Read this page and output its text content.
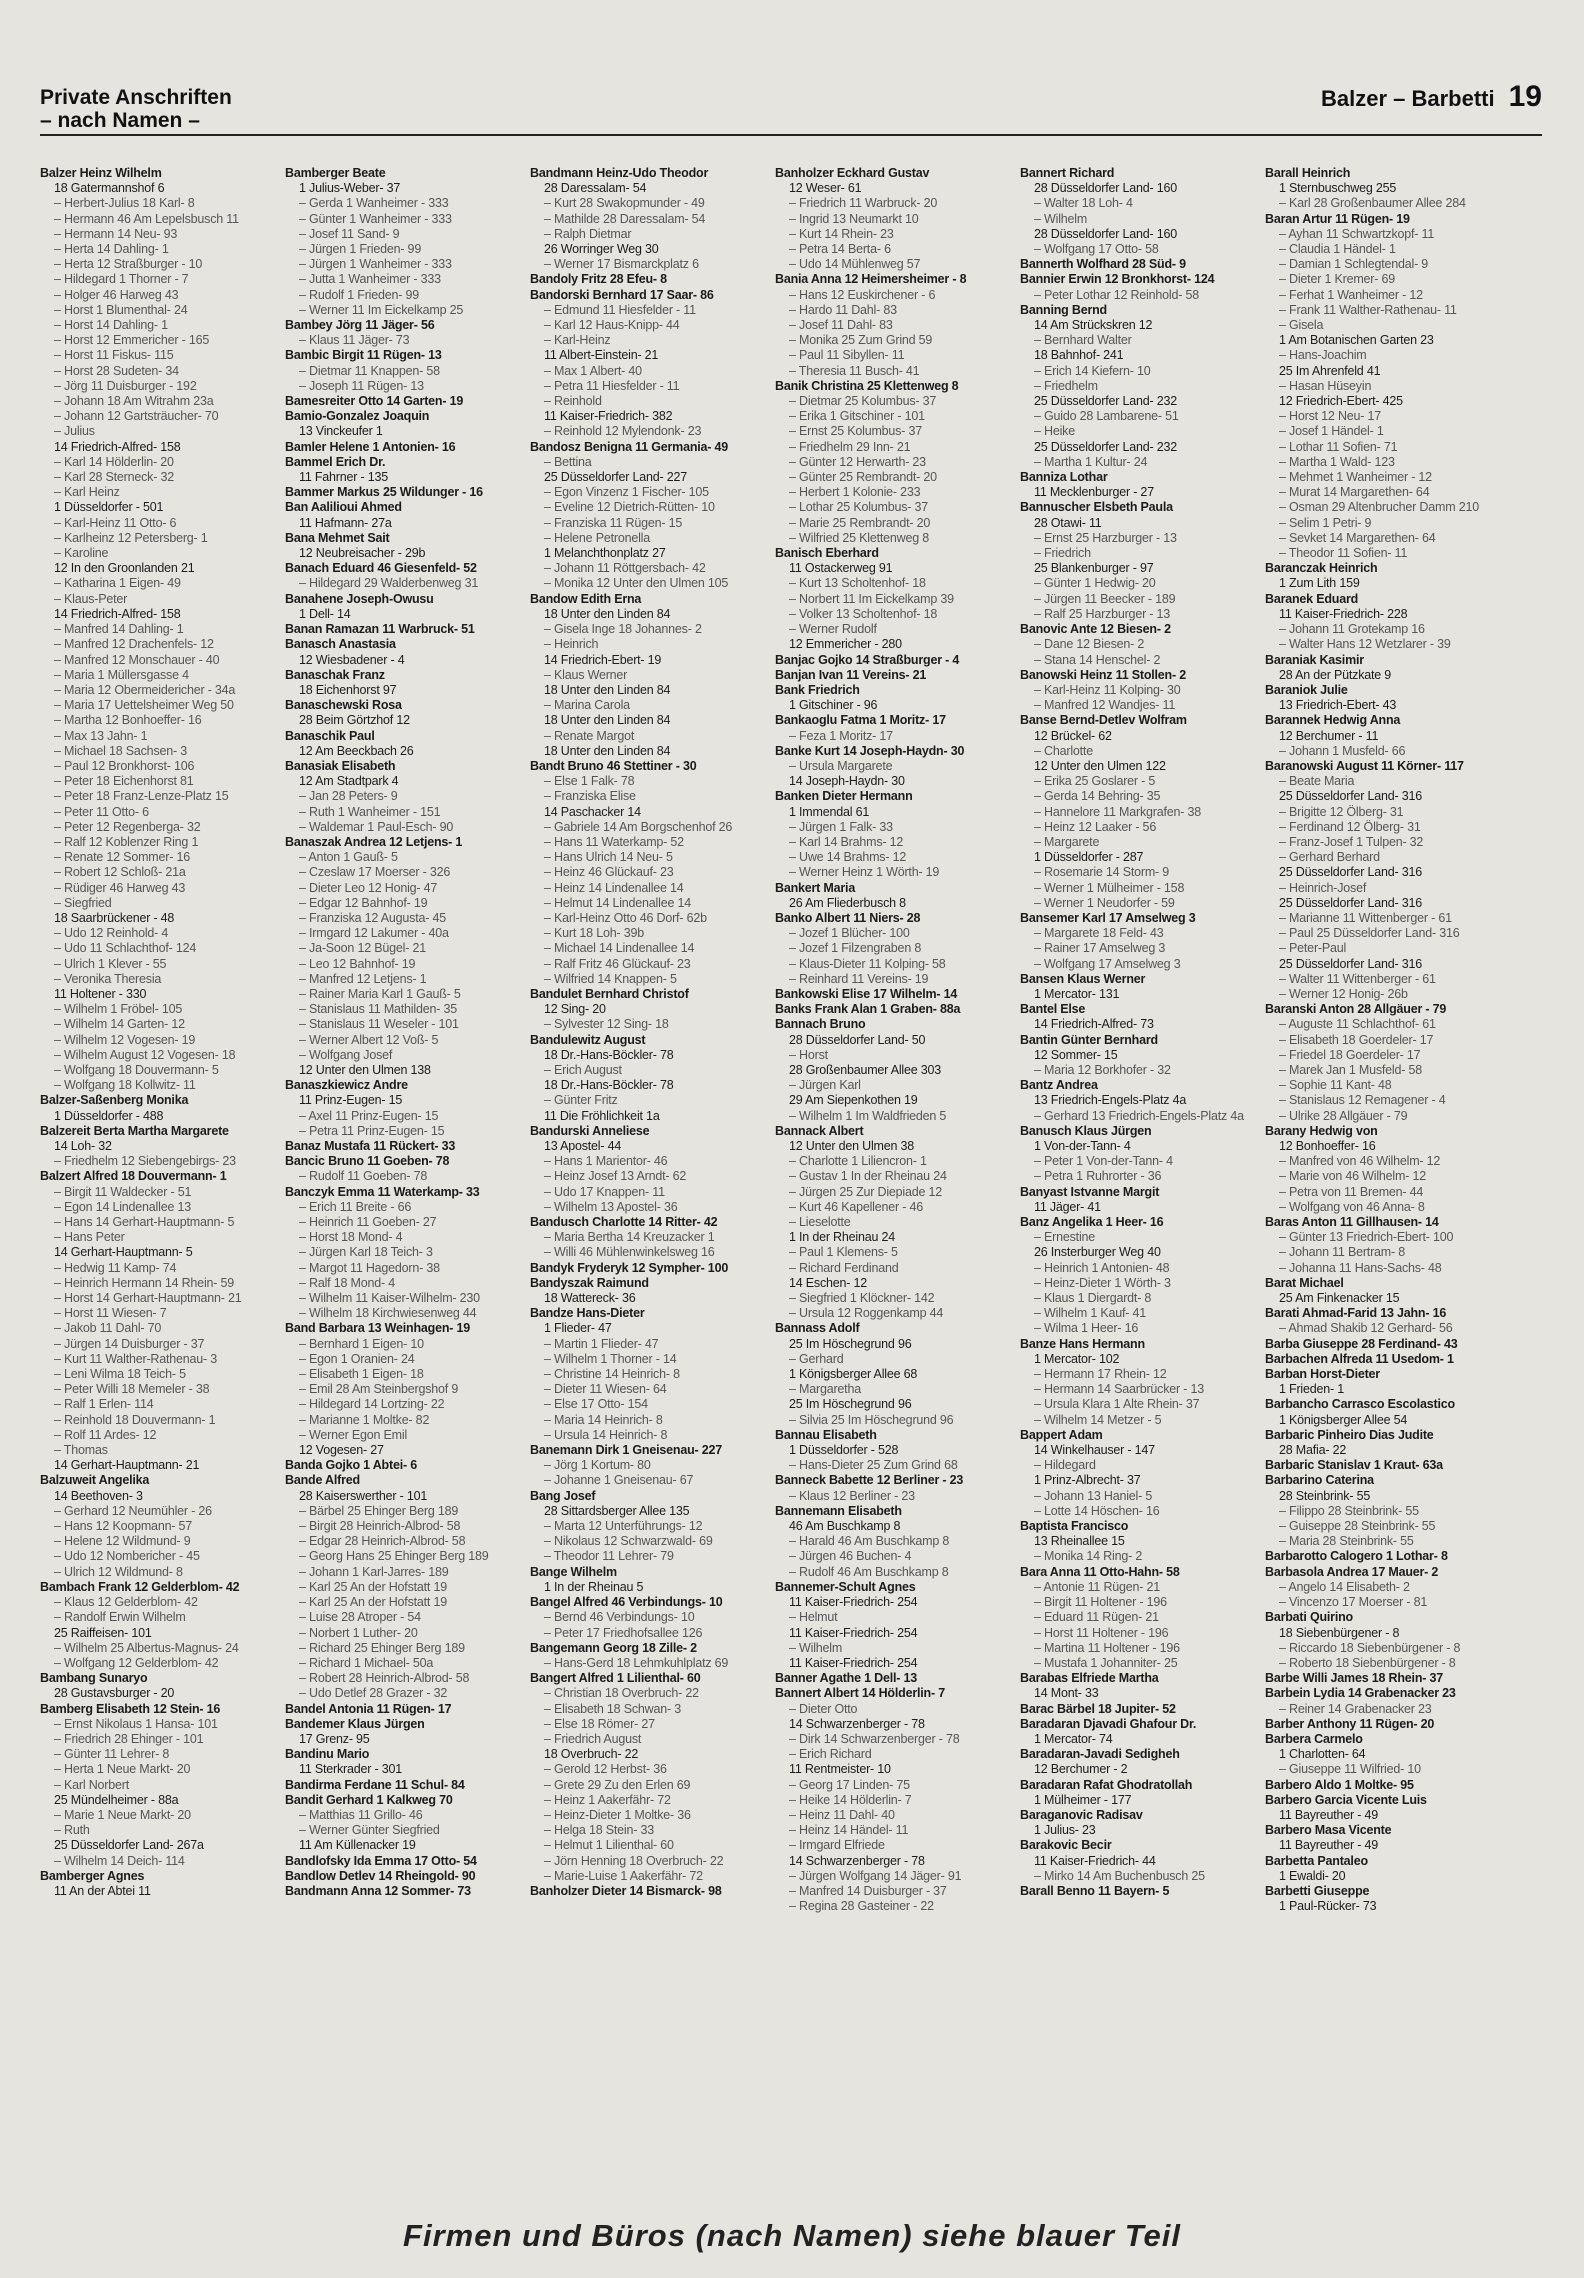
Private Anschriften
– nach Namen –
Balzer – Barbetti 19
Balzer Heinz Wilhelm
18 Gatermannshof 6
– Herbert-Julius 18 Karl- 8
– Hermann 46 Am Lepelsbusch 11
– Hermann 14 Neu- 93
– Herta 14 Dahling- 1
– Herta 12 Straßburger - 10
– Hildegard 1 Thorner - 7
– Holger 46 Harweg 43
– Horst 1 Blumenthal- 24
– Horst 14 Dahling- 1
– Horst 12 Emmericher - 165
– Horst 11 Fiskus- 115
– Horst 28 Sudeten- 34
– Jörg 11 Duisburger - 192
– Johann 18 Am Witrahm 23a
– Johann 12 Gartsträucher- 70
– Julius
14 Friedrich-Alfred- 158
– Karl 14 Hölderlin- 20
– Karl 28 Sterneck- 32
– Karl Heinz
1 Düsseldorfer - 501
– Karl-Heinz 11 Otto- 6
– Karlheinz 12 Petersberg- 1
– Karoline
12 In den Groonlanden 21
– Katharina 1 Eigen- 49
– Klaus-Peter
14 Friedrich-Alfred- 158
– Manfred 14 Dahling- 1
– Manfred 12 Drachenfels- 12
– Manfred 12 Monschauer - 40
– Maria 1 Müllersgasse 4
– Maria 12 Obermeidericher - 34a
– Maria 17 Uettelsheimer Weg 50
– Martha 12 Bonhoeffer- 16
– Max 13 Jahn- 1
– Michael 18 Sachsen- 3
– Paul 12 Bronkhorst- 106
– Peter 18 Eichenhorst 81
– Peter 18 Franz-Lenze-Platz 15
– Peter 11 Otto- 6
– Peter 12 Regenberga- 32
– Ralf 12 Koblenzer Ring 1
– Renate 12 Sommer- 16
– Robert 12 Schloß- 21a
– Rüdiger 46 Harweg 43
– Siegfried
18 Saarbrückener - 48
– Udo 12 Reinhold- 4
– Udo 11 Schlachthof- 124
– Ulrich 1 Klever - 55
– Veronika Theresia
11 Holtener - 330
– Wilhelm 1 Fröbel- 105
– Wilhelm 14 Garten- 12
– Wilhelm 12 Vogesen- 19
– Wilhelm August 12 Vogesen- 18
– Wolfgang 18 Douvermann- 5
– Wolfgang 18 Kollwitz- 11
Balzer-Saßenberg Monika
1 Düsseldorfer - 488
Balzereit Berta Martha Margarete
14 Loh- 32
– Friedhelm 12 Siebengebirgs- 23
Balzert Alfred 18 Douvermann- 1
– Birgit 11 Waldecker - 51
– Egon 14 Lindenallee 13
– Hans 14 Gerhart-Hauptmann- 5
– Hans Peter
14 Gerhart-Hauptmann- 5
– Hedwig 11 Kamp- 74
– Heinrich Hermann 14 Rhein- 59
– Horst 14 Gerhart-Hauptmann- 21
– Horst 11 Wiesen- 7
– Jakob 11 Dahl- 70
– Jürgen 14 Duisburger - 37
– Kurt 11 Walther-Rathenau- 3
– Leni Wilma 18 Teich- 5
– Peter Willi 18 Memeler - 38
– Ralf 1 Erlen- 114
– Reinhold 18 Douvermann- 1
– Rolf 11 Ardes- 12
– Thomas
14 Gerhart-Hauptmann- 21
Balzuweit Angelika
14 Beethoven- 3
– Gerhard 12 Neumühler - 26
– Hans 12 Koopmann- 57
– Helene 12 Wildmund- 9
– Udo 12 Nombericher - 45
– Ulrich 12 Wildmund- 8
Bambach Frank 12 Gelderblom- 42
– Klaus 12 Gelderblom- 42
– Randolf Erwin Wilhelm
25 Raiffeisen- 101
– Wilhelm 25 Albertus-Magnus- 24
– Wolfgang 12 Gelderblom- 42
Bambang Sunaryo
28 Gustavsburger - 20
Bamberg Elisabeth 12 Stein- 16
– Ernst Nikolaus 1 Hansa- 101
– Friedrich 28 Ehinger - 101
– Günter 11 Lehrer- 8
– Herta 1 Neue Markt- 20
– Karl Norbert
25 Mündelheimer - 88a
– Marie 1 Neue Markt- 20
– Ruth
25 Düsseldorfer Land- 267a
– Wilhelm 14 Deich- 114
Bamberger Agnes
11 An der Abtei 11
Bamberger Beate
1 Julius-Weber- 37
– Gerda 1 Wanheimer - 333
– Günter 1 Wanheimer - 333
– Josef 11 Sand- 9
– Jürgen 1 Frieden- 99
– Jürgen 1 Wanheimer - 333
– Jutta 1 Wanheimer - 333
– Rudolf 1 Frieden- 99
– Werner 11 Im Eickelkamp 25
Bambey Jörg 11 Jäger- 56
– Klaus 11 Jäger- 73
Bambic Birgit 11 Rügen- 13
– Dietmar 11 Knappen- 58
– Joseph 11 Rügen- 13
Bamesreiter Otto 14 Garten- 19
Bamio-Gonzalez Joaquin
13 Vinckeufer 1
Bamler Helene 1 Antonien- 16
Bammel Erich Dr.
11 Fahrner - 135
Bammer Markus 25 Wildunger - 16
Ban Aalilioui Ahmed
11 Hafmann- 27a
Bana Mehmet Sait
12 Neubreisacher - 29b
Banach Eduard 46 Giesenfeld- 52
– Hildegard 29 Walderbenweg 31
Banahene Joseph-Owusu
1 Dell- 14
Banan Ramazan 11 Warbruck- 51
Banasch Anastasia
12 Wiesbadener - 4
Banaschak Franz
18 Eichenhorst 97
Banaschewski Rosa
28 Beim Görtzhof 12
Banaschik Paul
12 Am Beeckbach 26
Banasiak Elisabeth
12 Am Stadtpark 4
– Jan 28 Peters- 9
– Ruth 1 Wanheimer - 151
– Waldemar 1 Paul-Esch- 90
Banaszak Andrea 12 Letjens- 1
– Anton 1 Gauß- 5
– Czeslaw 17 Moerser - 326
– Dieter Leo 12 Honig- 47
– Edgar 12 Bahnhof- 19
– Franziska 12 Augusta- 45
– Irmgard 12 Lakumer - 40a
– Ja-Soon 12 Bügel- 21
– Leo 12 Bahnhof- 19
– Manfred 12 Letjens- 1
– Rainer Maria Karl 1 Gauß- 5
– Stanislaus 11 Mathilden- 35
– Stanislaus 11 Weseler - 101
– Werner Albert 12 Voß- 5
– Wolfgang Josef
12 Unter den Ulmen 138
Banaszkiewicz Andre
11 Prinz-Eugen- 15
– Axel 11 Prinz-Eugen- 15
– Petra 11 Prinz-Eugen- 15
Banaz Mustafa 11 Rückert- 33
Bancic Bruno 11 Goeben- 78
– Rudolf 11 Goeben- 78
Banczyk Emma 11 Waterkamp- 33
– Erich 11 Breite - 66
– Heinrich 11 Goeben- 27
– Horst 18 Mond- 4
– Jürgen Karl 18 Teich- 3
– Margot 11 Hagedorn- 38
– Ralf 18 Mond- 4
– Wilhelm 11 Kaiser-Wilhelm- 230
– Wilhelm 18 Kirchwiesenweg 44
Band Barbara 13 Weinhagen- 19
– Bernhard 1 Eigen- 10
– Egon 1 Oranien- 24
– Elisabeth 1 Eigen- 18
– Emil 28 Am Steinbergshof 9
– Hildegard 14 Lortzing- 22
– Marianne 1 Moltke- 82
– Werner Egon Emil
12 Vogesen- 27
Banda Gojko 1 Abtei- 6
Bande Alfred
28 Kaiserswerther - 101
– Bärbel 25 Ehinger Berg 189
– Birgit 28 Heinrich-Albrod- 58
– Edgar 28 Heinrich-Albrod- 58
– Georg Hans 25 Ehinger Berg 189
– Johann 1 Karl-Jarres- 189
– Karl 25 An der Hofstatt 19
– Karl 25 An der Hofstatt 19
– Luise 28 Atroper - 54
– Norbert 1 Luther- 20
– Richard 25 Ehinger Berg 189
– Richard 1 Michael- 50a
– Robert 28 Heinrich-Albrod- 58
– Udo Detlef 28 Grazer - 32
Bandel Antonia 11 Rügen- 17
Bandemer Klaus Jürgen
17 Grenz- 95
Bandinu Mario
11 Sterkrader - 301
Bandirma Ferdane 11 Schul- 84
Bandit Gerhard 1 Kalkweg 70
– Matthias 11 Grillo- 46
– Werner Günter Siegfried
11 Am Küllenacker 19
Bandlofsky Ida Emma 17 Otto- 54
Bandlow Detlev 14 Rheingold- 90
Bandmann Anna 12 Sommer- 73
Bandmann Heinz-Udo Theodor
28 Daressalam- 54
– Kurt 28 Swakopmunder - 49
– Mathilde 28 Daressalam- 54
– Ralph Dietmar
26 Worringer Weg 30
– Werner 17 Bismarckplatz 6
Bandoly Fritz 28 Efeu- 8
Bandorski Bernhard 17 Saar- 86
– Edmund 11 Hiesfelder - 11
– Karl 12 Haus-Knipp- 44
– Karl-Heinz
11 Albert-Einstein- 21
– Max 1 Albert- 40
– Petra 11 Hiesfelder - 11
– Reinhold
11 Kaiser-Friedrich- 382
– Reinhold 12 Mylendonk- 23
Bandosz Benigna 11 Germania- 49
– Bettina
25 Düsseldorfer Land- 227
– Egon Vinzenz 1 Fischer- 105
– Eveline 12 Dietrich-Rütten- 10
– Franziska 11 Rügen- 15
– Helene Petronella
1 Melanchthonplatz 27
– Johann 11 Röttgersbach- 42
– Monika 12 Unter den Ulmen 105
Bandow Edith Erna
18 Unter den Linden 84
– Gisela Inge 18 Johannes- 2
– Heinrich
14 Friedrich-Ebert- 19
– Klaus Werner
18 Unter den Linden 84
– Marina Carola
18 Unter den Linden 84
– Renate Margot
18 Unter den Linden 84
Bandt Bruno 46 Stettiner - 30
– Else 1 Falk- 78
– Franziska Elise
14 Paschacker 14
– Gabriele 14 Am Borgschenhof 26
– Hans 11 Waterkamp- 52
– Hans Ulrich 14 Neu- 5
– Heinz 46 Glückauf- 23
– Heinz 14 Lindenallee 14
– Helmut 14 Lindenallee 14
– Karl-Heinz Otto 46 Dorf- 62b
– Kurt 18 Loh- 39b
– Michael 14 Lindenallee 14
– Ralf Fritz 46 Glückauf- 23
– Wilfried 14 Knappen- 5
Bandulet Bernhard Christof
12 Sing- 20
– Sylvester 12 Sing- 18
Bandulewitz August
18 Dr.-Hans-Böckler- 78
– Erich August
18 Dr.-Hans-Böckler- 78
– Günter Fritz
11 Die Fröhlichkeit 1a
Bandurski Anneliese
13 Apostel- 44
– Hans 1 Marientor- 46
– Heinz Josef 13 Arndt- 62
– Udo 17 Knappen- 11
– Wilhelm 13 Apostel- 36
Bandusch Charlotte 14 Ritter- 42
– Maria Bertha 14 Kreuzacker 1
– Willi 46 Mühlenwinkelsweg 16
Bandyk Fryderyk 12 Sympher- 100
Bandyszak Raimund
18 Wattereck- 36
Bandze Hans-Dieter
1 Flieder- 47
– Martin 1 Flieder- 47
– Wilhelm 1 Thorner - 14
– Christine 14 Heinrich- 8
– Dieter 11 Wiesen- 64
– Else 17 Otto- 154
– Maria 14 Heinrich- 8
– Ursula 14 Heinrich- 8
Banemann Dirk 1 Gneisenau- 227
– Jörg 1 Kortum- 80
– Johanne 1 Gneisenau- 67
Bang Josef
28 Sittardsberger Allee 135
– Marta 12 Unterführungs- 12
– Nikolaus 12 Schwarzwald- 69
– Theodor 11 Lehrer- 79
Bange Wilhelm
1 In der Rheinau 5
Bangel Alfred 46 Verbindungs- 10
– Bernd 46 Verbindungs- 10
– Peter 17 Friedhofsallee 126
Bangemann Georg 18 Zille- 2
– Hans-Gerd 18 Lehmkuhlplatz 69
Bangert Alfred 1 Lilienthal- 60
– Christian 18 Overbruch- 22
– Elisabeth 18 Schwan- 3
– Else 18 Römer- 27
– Friedrich August
18 Overbruch- 22
– Gerold 12 Herbst- 36
– Grete 29 Zu den Erlen 69
– Heinz 1 Aakerfähr- 72
– Heinz-Dieter 1 Moltke- 36
– Helga 18 Stein- 33
– Helmut 1 Lilienthal- 60
– Jörn Henning 18 Overbruch- 22
– Marie-Luise 1 Aakerfähr- 72
Banholzer Dieter 14 Bismarck- 98
Banholzer Eckhard Gustav
12 Weser- 61
– Friedrich 11 Warbruck- 20
– Ingrid 13 Neumarkt 10
– Kurt 14 Rhein- 23
– Petra 14 Berta- 6
– Udo 14 Mühlenweg 57
Bania Anna 12 Heimersheimer - 8
– Hans 12 Euskirchener - 6
– Hardo 11 Dahl- 83
– Josef 11 Dahl- 83
– Monika 25 Zum Grind 59
– Paul 11 Sibyllen- 11
– Theresia 11 Busch- 41
Banik Christina 25 Klettenweg 8
– Dietmar 25 Kolumbus- 37
– Erika 1 Gitschiner - 101
– Ernst 25 Kolumbus- 37
– Friedhelm 29 Inn- 21
– Günter 12 Herwarth- 23
– Günter 25 Rembrandt- 20
– Herbert 1 Kolonie- 233
– Lothar 25 Kolumbus- 37
– Marie 25 Rembrandt- 20
– Wilfried 25 Klettenweg 8
Banisch Eberhard
11 Ostackerweg 91
– Kurt 13 Scholtenhof- 18
– Norbert 11 Im Eickelkamp 39
– Volker 13 Scholtenhof- 18
– Werner Rudolf
12 Emmericher - 280
Banjac Gojko 14 Straßburger - 4
Banjan Ivan 11 Vereins- 21
Bank Friedrich
1 Gitschiner - 96
Bankaoglu Fatma 1 Moritz- 17
– Feza 1 Moritz- 17
Banke Kurt 14 Joseph-Haydn- 30
– Ursula Margarete
14 Joseph-Haydn- 30
Banken Dieter Hermann
1 Immendal 61
– Jürgen 1 Falk- 33
– Karl 14 Brahms- 12
– Uwe 14 Brahms- 12
– Werner Heinz 1 Wörth- 19
Bankert Maria
26 Am Fliederbusch 8
Banko Albert 11 Niers- 28
– Jozef 1 Blücher- 100
– Jozef 1 Filzengraben 8
– Klaus-Dieter 11 Kolping- 58
– Reinhard 11 Vereins- 19
Bankowski Elise 17 Wilhelm- 14
Banks Frank Alan 1 Graben- 88a
Bannach Bruno
28 Düsseldorfer Land- 50
– Horst
28 Großenbaumer Allee 303
– Jürgen Karl
29 Am Siepenkothen 19
– Wilhelm 1 Im Waldfrieden 5
Bannack Albert
12 Unter den Ulmen 38
– Charlotte 1 Liliencron- 1
– Gustav 1 In der Rheinau 24
– Jürgen 25 Zur Diepiade 12
– Kurt 46 Kapellener - 46
– Lieselotte
1 In der Rheinau 24
– Paul 1 Klemens- 5
– Richard Ferdinand
14 Eschen- 12
– Siegfried 1 Klöckner- 142
– Ursula 12 Roggenkamp 44
Bannass Adolf
25 Im Höschegrund 96
– Gerhard
1 Königsberger Allee 68
– Margaretha
25 Im Höschegrund 96
– Silvia 25 Im Höschegrund 96
Bannau Elisabeth
1 Düsseldorfer - 528
– Hans-Dieter 25 Zum Grind 68
Banneck Babette 12 Berliner - 23
– Klaus 12 Berliner - 23
Bannemann Elisabeth
46 Am Buschkamp 8
– Harald 46 Am Buschkamp 8
– Jürgen 46 Buchen- 4
– Rudolf 46 Am Buschkamp 8
Bannemer-Schult Agnes
11 Kaiser-Friedrich- 254
– Helmut
11 Kaiser-Friedrich- 254
– Wilhelm
11 Kaiser-Friedrich- 254
Banner Agathe 1 Dell- 13
Bannert Albert 14 Hölderlin- 7
– Dieter Otto
14 Schwarzenberger - 78
– Dirk 14 Schwarzenberger - 78
– Erich Richard
11 Rentmeister- 10
– Georg 17 Linden- 75
– Heike 14 Hölderlin- 7
– Heinz 11 Dahl- 40
– Heinz 14 Händel- 11
– Irmgard Elfriede
14 Schwarzenberger - 78
– Jürgen Wolfgang 14 Jäger- 91
– Manfred 14 Duisburger - 37
– Regina 28 Gasteiner - 22
Bannert Richard
28 Düsseldorfer Land- 160
– Walter 18 Loh- 4
– Wilhelm
28 Düsseldorfer Land- 160
– Wolfgang 17 Otto- 58
Bannerth Wolfhard 28 Süd- 9
Bannier Erwin 12 Bronkhorst- 124
– Peter Lothar 12 Reinhold- 58
Banning Bernd
14 Am Strückskren 12
– Bernhard Walter
18 Bahnhof- 241
– Erich 14 Kiefern- 10
– Friedhelm
25 Düsseldorfer Land- 232
– Guido 28 Lambarene- 51
– Heike
25 Düsseldorfer Land- 232
– Martha 1 Kultur- 24
Banniza Lothar
11 Mecklenburger - 27
Bannuscher Elsbeth Paula
28 Otawi- 11
– Ernst 25 Harzburger - 13
– Friedrich
25 Blankenburger - 97
– Günter 1 Hedwig- 20
– Jürgen 11 Beecker - 189
– Ralf 25 Harzburger - 13
Banovic Ante 12 Biesen- 2
– Dane 12 Biesen- 2
– Stana 14 Henschel- 2
Banowski Heinz 11 Stollen- 2
– Karl-Heinz 11 Kolping- 30
– Manfred 12 Wandjes- 11
Banse Bernd-Detlev Wolfram
12 Brückel- 62
– Charlotte
12 Unter den Ulmen 122
– Erika 25 Goslarer - 5
– Gerda 14 Behring- 35
– Hannelore 11 Markgrafen- 38
– Heinz 12 Laaker - 56
– Margarete
1 Düsseldorfer - 287
– Rosemarie 14 Storm- 9
– Werner 1 Mülheimer - 158
– Werner 1 Neudorfer - 59
Bansemer Karl 17 Amselweg 3
– Margarete 18 Feld- 43
– Rainer 17 Amselweg 3
– Wolfgang 17 Amselweg 3
Bansen Klaus Werner
1 Mercator- 131
Bantel Else
14 Friedrich-Alfred- 73
Bantin Günter Bernhard
12 Sommer- 15
– Maria 12 Borkhofer - 32
Bantz Andrea
13 Friedrich-Engels-Platz 4a
– Gerhard 13 Friedrich-Engels-Platz 4a
Banusch Klaus Jürgen
1 Von-der-Tann- 4
– Peter 1 Von-der-Tann- 4
– Petra 1 Ruhrorter - 36
Banyast Istvanne Margit
11 Jäger- 41
Banz Angelika 1 Heer- 16
– Ernestine
26 Insterburger Weg 40
– Heinrich 1 Antonien- 48
– Heinz-Dieter 1 Wörth- 3
– Klaus 1 Diergardt- 8
– Wilhelm 1 Kauf- 41
– Wilma 1 Heer- 16
Banze Hans Hermann
1 Mercator- 102
– Hermann 17 Rhein- 12
– Hermann 14 Saarbrücker - 13
– Ursula Klara 1 Alte Rhein- 37
– Wilhelm 14 Metzer - 5
Bappert Adam
14 Winkelhauser - 147
– Hildegard
1 Prinz-Albrecht- 37
– Johann 13 Haniel- 5
– Lotte 14 Höschen- 16
Baptista Francisco
13 Rheinallee 15
– Monika 14 Ring- 2
Bara Anna 11 Otto-Hahn- 58
– Antonie 11 Rügen- 21
– Birgit 11 Holtener - 196
– Eduard 11 Rügen- 21
– Horst 11 Holtener - 196
– Martina 11 Holtener - 196
– Mustafa 1 Johanniter- 25
Barabas Elfriede Martha
14 Mont- 33
Barac Bärbel 18 Jupiter- 52
Baradaran Djavadi Ghafour Dr.
1 Mercator- 74
Baradaran-Javadi Sedigheh
12 Berchumer - 2
Baradaran Rafat Ghodratollah
1 Mülheimer - 177
Baraganovic Radisav
1 Julius- 23
Barakovic Becir
11 Kaiser-Friedrich- 44
– Mirko 14 Am Buchenbusch 25
Barall Benno 11 Bayern- 5
Barall Heinrich
1 Sternbuschweg 255
– Karl 28 Großenbaumer Allee 284
Baran Artur 11 Rügen- 19
– Ayhan 11 Schwartzkopf- 11
– Claudia 1 Händel- 1
– Damian 1 Schlegtendal- 9
– Dieter 1 Kremer- 69
– Ferhat 1 Wanheimer - 12
– Frank 11 Walther-Rathenau- 11
– Gisela
1 Am Botanischen Garten 23
– Hans-Joachim
25 Im Ahrenfeld 41
– Hasan Hüseyin
12 Friedrich-Ebert- 425
– Horst 12 Neu- 17
– Josef 1 Händel- 1
– Lothar 11 Sofien- 71
– Martha 1 Wald- 123
– Mehmet 1 Wanheimer - 12
– Murat 14 Margarethen- 64
– Osman 29 Altenbrucher Damm 210
– Selim 1 Petri- 9
– Sevket 14 Margarethen- 64
– Theodor 11 Sofien- 11
Baranczak Heinrich
1 Zum Lith 159
Baranek Eduard
11 Kaiser-Friedrich- 228
– Johann 11 Grotekamp 16
– Walter Hans 12 Wetzlarer - 39
Baraniak Kasimir
28 An der Pützkate 9
Baraniok Julie
13 Friedrich-Ebert- 43
Barannek Hedwig Anna
12 Berchumer - 11
– Johann 1 Musfeld- 66
Baranowski August 11 Körner- 117
– Beate Maria
25 Düsseldorfer Land- 316
– Brigitte 12 Ölberg- 31
– Ferdinand 12 Ölberg- 31
– Franz-Josef 1 Tulpen- 32
– Gerhard Berhard
25 Düsseldorfer Land- 316
– Heinrich-Josef
25 Düsseldorfer Land- 316
– Marianne 11 Wittenberger - 61
– Paul 25 Düsseldorfer Land- 316
– Peter-Paul
25 Düsseldorfer Land- 316
– Walter 11 Wittenberger - 61
– Werner 12 Honig- 26b
Baranski Anton 28 Allgäuer - 79
– Auguste 11 Schlachthof- 61
– Elisabeth 18 Goerdeler- 17
– Friedel 18 Goerdeler- 17
– Marek Jan 1 Musfeld- 58
– Sophie 11 Kant- 48
– Stanislaus 12 Remagener - 4
– Ulrike 28 Allgäuer - 79
Barany Hedwig von
12 Bonhoeffer- 16
– Manfred von 46 Wilhelm- 12
– Marie von 46 Wilhelm- 12
– Petra von 11 Bremen- 44
– Wolfgang von 46 Anna- 8
Baras Anton 11 Gillhausen- 14
– Günter 13 Friedrich-Ebert- 100
– Johann 11 Bertram- 8
– Johanna 11 Hans-Sachs- 48
Barat Michael
25 Am Finkenacker 15
Barati Ahmad-Farid 13 Jahn- 16
– Ahmad Shakib 12 Gerhard- 56
Barba Giuseppe 28 Ferdinand- 43
Barbachen Alfreda 11 Usedom- 1
Barban Horst-Dieter
1 Frieden- 1
Barbancho Carrasco Escolastico
1 Königsberger Allee 54
Barbaric Pinheiro Dias Judite
28 Mafia- 22
Barbaric Stanislav 1 Kraut- 63a
Barbarino Caterina
28 Steinbrink- 55
– Filippo 28 Steinbrink- 55
– Guiseppe 28 Steinbrink- 55
– Maria 28 Steinbrink- 55
Barbarotto Calogero 1 Lothar- 8
Barbasola Andrea 17 Mauer- 2
– Angelo 14 Elisabeth- 2
– Vincenzo 17 Moerser - 81
Barbati Quirino
18 Siebenbürgener - 8
– Riccardo 18 Siebenbürgener - 8
– Roberto 18 Siebenbürgener - 8
Barbe Willi James 18 Rhein- 37
Barbein Lydia 14 Grabenacker 23
– Reiner 14 Grabenacker 23
Barber Anthony 11 Rügen- 20
Barbera Carmelo
1 Charlotten- 64
– Giuseppe 11 Wilfried- 10
Barbero Aldo 1 Moltke- 95
Barbero Garcia Vicente Luis
11 Bayreuther - 49
Barbero Masa Vicente
11 Bayreuther - 49
Barbetta Pantaleo
1 Ewaldi- 20
Barbetti Giuseppe
1 Paul-Rücker- 73
Firmen und Büros (nach Namen) siehe blauer Teil
